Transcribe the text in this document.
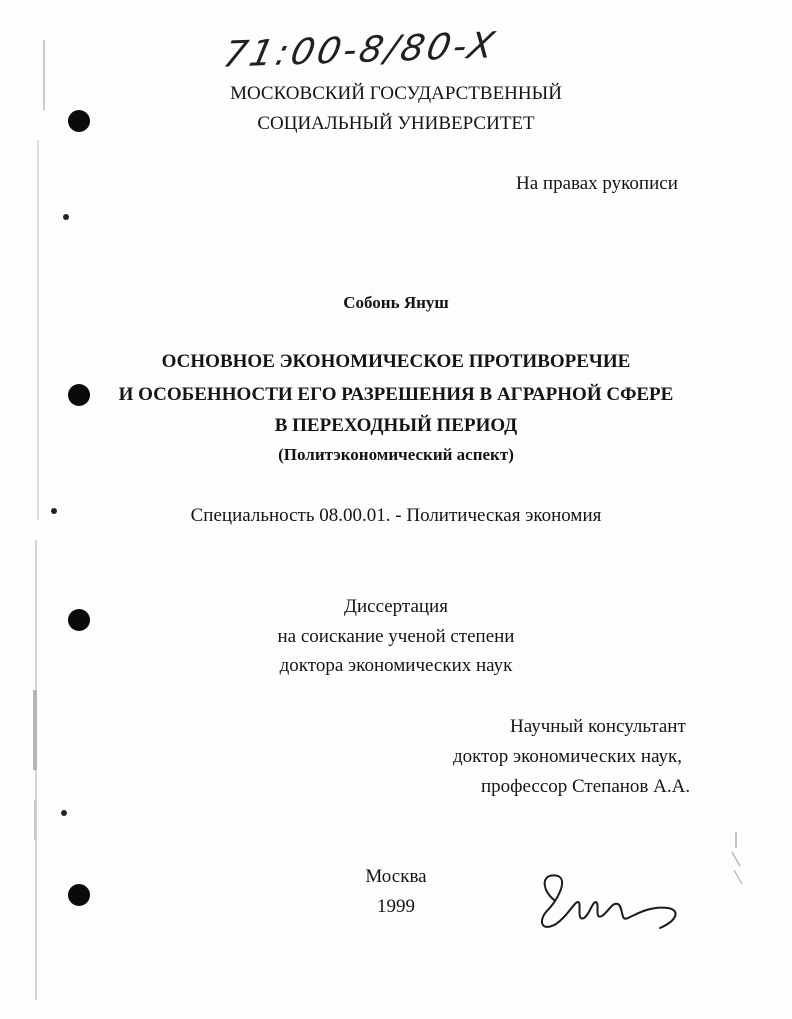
71:00-8/80-X
МОСКОВСКИЙ ГОСУДАРСТВЕННЫЙ
СОЦИАЛЬНЫЙ УНИВЕРСИТЕТ
На правах рукописи
Собонь Януш
ОСНОВНОЕ ЭКОНОМИЧЕСКОЕ ПРОТИВОРЕЧИЕ
И ОСОБЕННОСТИ ЕГО РАЗРЕШЕНИЯ В АГРАРНОЙ СФЕРЕ
В ПЕРЕХОДНЫЙ ПЕРИОД
(Политэкономический аспект)
Специальность 08.00.01. - Политическая экономия
Диссертация
на соискание ученой степени
доктора экономических наук
Научный консультант
доктор экономических наук,
профессор Степанов А.А.
Москва
1999
